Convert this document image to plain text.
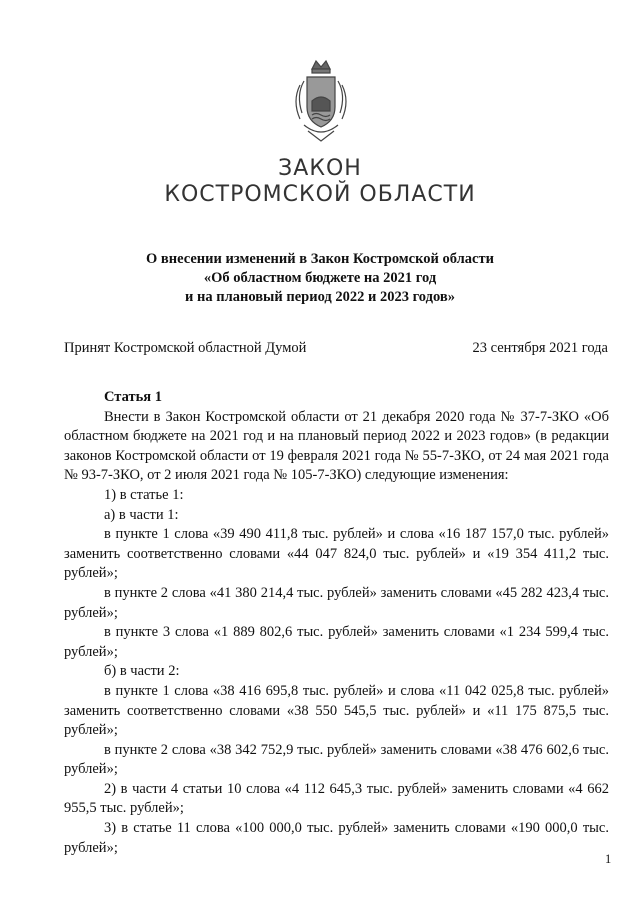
ЗАКОН
КОСТРОМСКОЙ ОБЛАСТИ
О внесении изменений в Закон Костромской области
«Об областном бюджете на 2021 год
и на плановый период 2022 и 2023 годов»
Принят Костромской областной Думой	23 сентября 2021 года

Статья 1

Внести в Закон Костромской области от 21 декабря 2020 года № 37-7-ЗКО «Об областном бюджете на 2021 год и на плановый период 2022 и 2023 годов» (в редакции законов Костромской области от 19 февраля 2021 года № 55-7-ЗКО, от 24 мая 2021 года № 93-7-ЗКО, от 2 июля 2021 года № 105-7-ЗКО) следующие изменения:

1) в статье 1:

а) в части 1:

в пункте 1 слова «39 490 411,8 тыс. рублей» и слова «16 187 157,0 тыс. рублей» заменить соответственно словами «44 047 824,0 тыс. рублей» и «19 354 411,2 тыс. рублей»;

в пункте 2 слова «41 380 214,4 тыс. рублей» заменить словами «45 282 423,4 тыс. рублей»;

в пункте 3 слова «1 889 802,6 тыс. рублей» заменить словами «1 234 599,4 тыс. рублей»;

б) в части 2:

в пункте 1 слова «38 416 695,8 тыс. рублей» и слова «11 042 025,8 тыс. рублей» заменить соответственно словами «38 550 545,5 тыс. рублей» и «11 175 875,5 тыс. рублей»;

в пункте 2 слова «38 342 752,9 тыс. рублей» заменить словами «38 476 602,6 тыс. рублей»;

2) в части 4 статьи 10 слова «4 112 645,3 тыс. рублей» заменить словами «4 662 955,5 тыс. рублей»;

3) в статье 11 слова «100 000,0 тыс. рублей» заменить словами «190 000,0 тыс. рублей»;

1
